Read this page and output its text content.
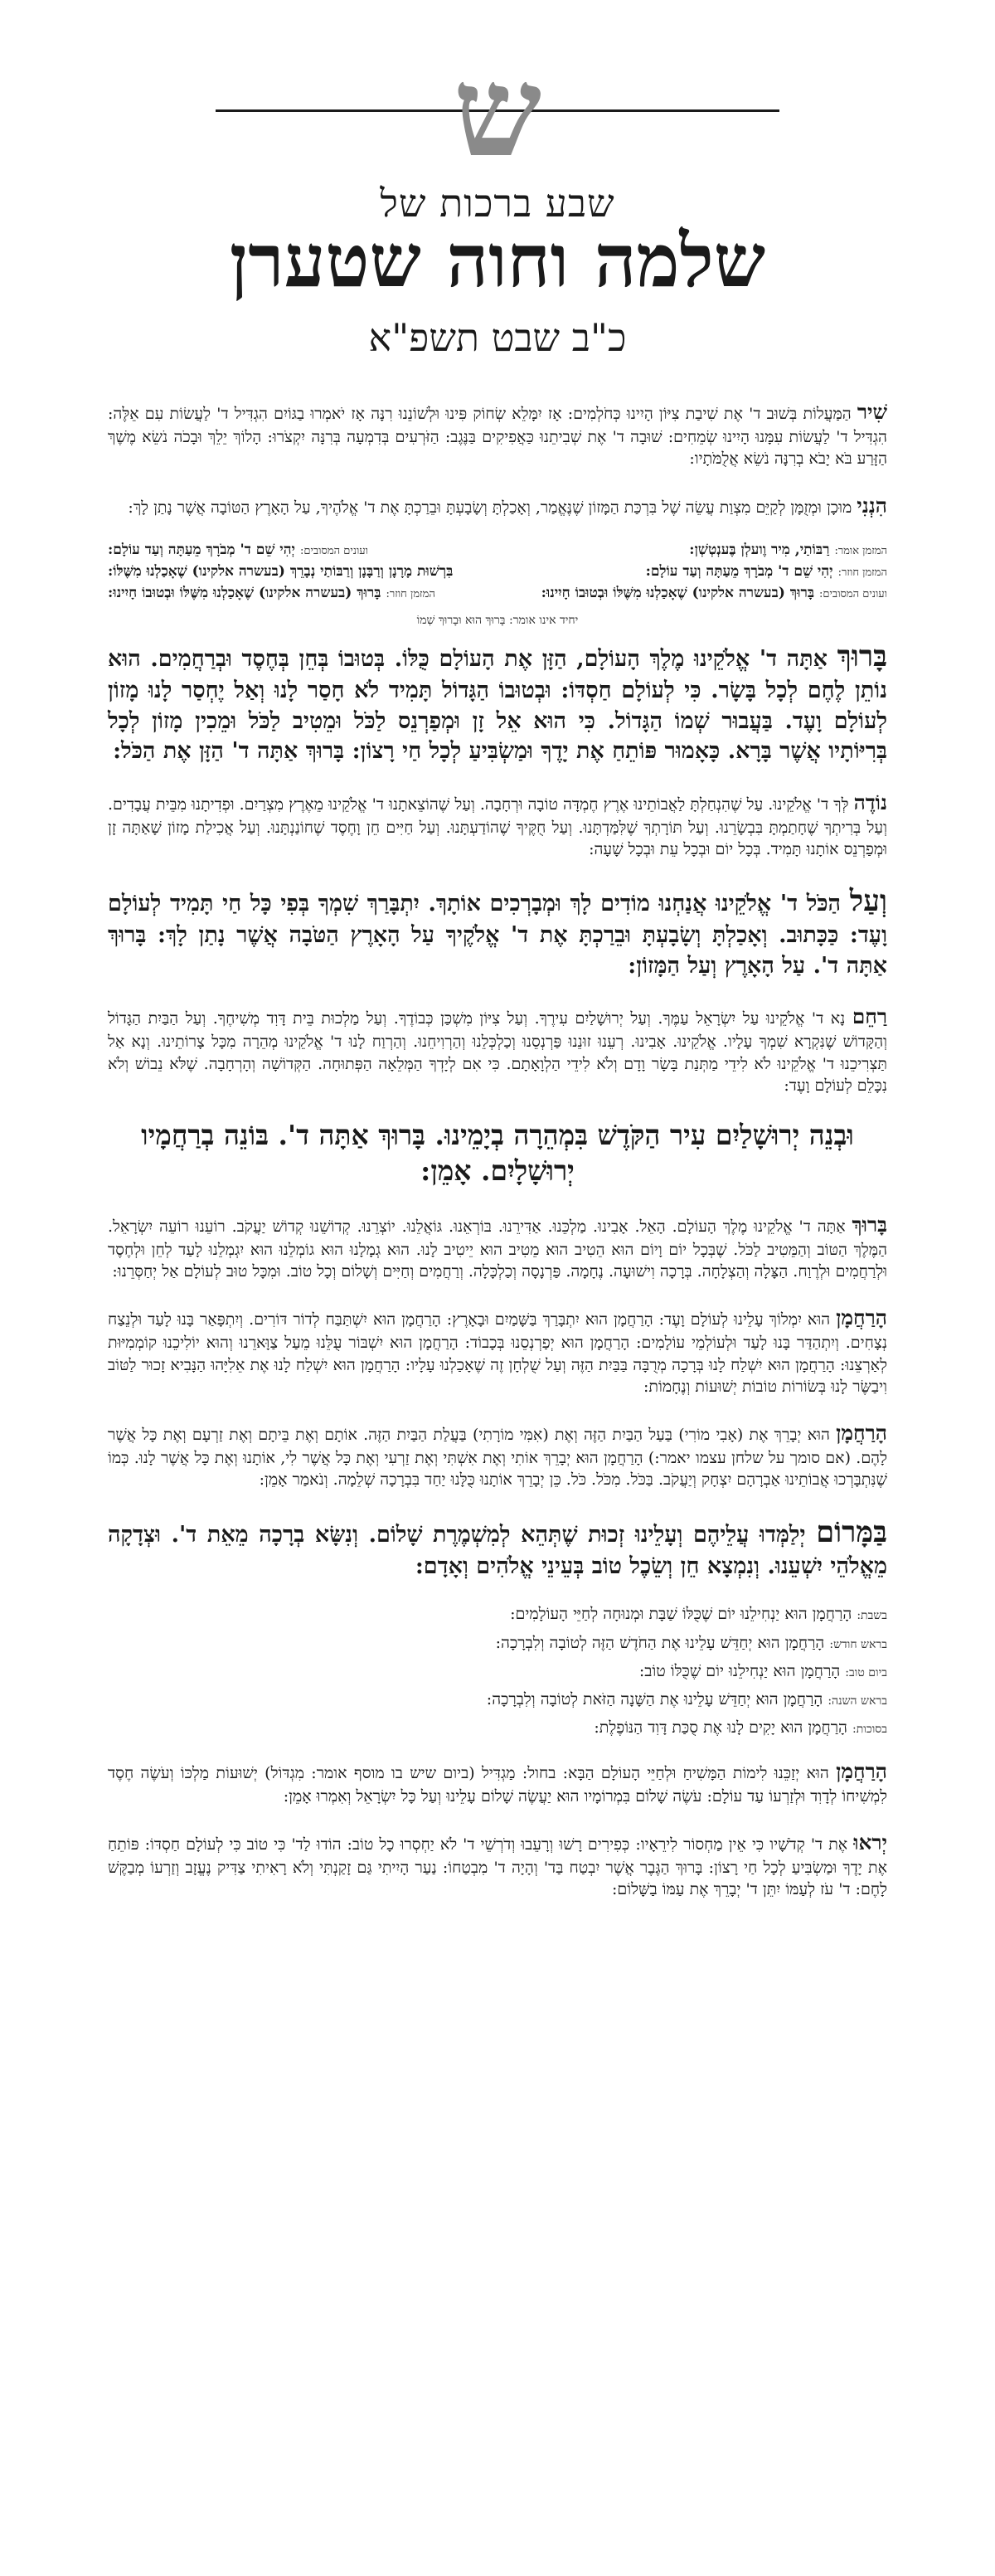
ש
שבע ברכות של
שלמה וחוה שטערן
כ"ב שבט תשפ"א

שִׁיר הַמַּעֲלוֹת בְּשׁוּב ד' אֶת שִׁיבַת צִיּוֹן הָיִינוּ כְּחֹלְמִים: אָז יִמָּלֵא שְׂחוֹק פִּינוּ וּלְשׁוֹנֵנוּ רִנָּה אָז יֹאמְרוּ בַגּוֹיִם הִגְדִּיל ד' לַעֲשׂוֹת עִם אֵלֶּה: הִגְדִּיל ד' לַעֲשׂוֹת עִמָּנוּ הָיִינוּ שְׂמֵחִים: שׁוּבָה ד' אֶת שְׁבִיתֵנוּ כַּאֲפִיקִים בַּנֶּגֶב: הַזֹּרְעִים בְּדִמְעָה בְּרִנָּה יִקְצֹרוּ: הָלוֹךְ יֵלֵךְ וּבָכֹה נֹשֵׂא מֶשֶׁךְ הַזָּרַע בֹּא יָבֹא בְרִנָּה נֹשֵׂא אֲלֻמֹּתָיו:

הִנְנִי מוּכָן וּמְזֻמָּן לְקַיֵּם מִצְוַת עֲשֵׂה שֶׁל בִּרְכַּת הַמָּזוֹן שֶׁנֶּאֱמַר, וְאָכַלְתָּ וְשָׂבָעְתָּ וּבֵרַכְתָּ אֶת ד' אֱלֹהֶיךָ, עַל הָאָרֶץ הַטּוֹבָה אֲשֶׁר נָתַן לָךְ:

המזמן אומר:רַבּוֹתַי, מִיר וֶועלְן בֶּענְטְשְׁן:
ועונים המסובים:יְהִי שֵׁם ד' מְבֹרָךְ מֵעַתָּה וְעַד עוֹלָם:
המזמן חוזר:יְהִי שֵׁם ד' מְבֹרָךְ מֵעַתָּה וְעַד עוֹלָם:
בִּרְשׁוּת מָרָנָן וְרַבָּנָן וְרַבּוֹתַי נְבָרֵךְ (בעשרה אלקינו) שֶׁאָכַלְנוּ מִשֶּׁלּוֹ:
ועונים המסובים:בָּרוּךְ (בעשרה אלקינו) שֶׁאָכַלְנוּ מִשֶּׁלּוֹ וּבְטוּבוֹ חָיִינוּ:
המזמן חוזר:בָּרוּךְ (בעשרה אלקינו) שֶׁאָכַלְנוּ מִשֶּׁלּוֹ וּבְטוּבוֹ חָיִינוּ:

יחיד אינו אומר: בָּרוּךְ הוּא וּבָרוּךְ שְׁמוֹ

בָּרוּךְ אַתָּה ד' אֱלֹקֵינוּ מֶלֶךְ הָעוֹלָם, הַזָּן אֶת הָעוֹלָם כֻּלּוֹ. בְּטוּבוֹ בְּחֵן בְּחֶסֶד וּבְרַחֲמִים. הוּא נוֹתֵן לֶחֶם לְכָל בָּשָׂר. כִּי לְעוֹלָם חַסְדּוֹ: וּבְטוּבוֹ הַגָּדוֹל תָּמִיד לֹא חָסַר לָנוּ וְאַל יֶחְסַר לָנוּ מָזוֹן לְעוֹלָם וָעֶד. בַּעֲבוּר שְׁמוֹ הַגָּדוֹל. כִּי הוּא אֵל זָן וּמְפַרְנֵס לַכֹּל וּמֵטִיב לַכֹּל וּמֵכִין מָזוֹן לְכָל בְּרִיּוֹתָיו אֲשֶׁר בָּרָא. כָּאָמוּר פּוֹתֵחַ אֶת יָדֶךָ וּמַשְׂבִּיעַ לְכָל חַי רָצוֹן: בָּרוּךְ אַתָּה ד' הַזָּן אֶת הַכֹּל:

נוֹדֶה לְּךָ ד' אֱלֹקֵינוּ. עַל שֶׁהִנְחַלְתָּ לַאֲבוֹתֵינוּ אֶרֶץ חֶמְדָּה טוֹבָה וּרְחָבָה. וְעַל שֶׁהוֹצֵאתָנוּ ד' אֱלֹקֵינוּ מֵאֶרֶץ מִצְרַיִם. וּפְדִיתָנוּ מִבֵּית עֲבָדִים. וְעַל בְּרִיתְךָ שֶׁחָתַמְתָּ בִּבְשָׂרֵנוּ. וְעַל תּוֹרָתְךָ שֶׁלִּמַּדְתָּנוּ. וְעַל חֻקֶּיךָ שֶׁהוֹדַעְתָּנוּ. וְעַל חַיִּים חֵן וָחֶסֶד שֶׁחוֹנַנְתָּנוּ. וְעַל אֲכִילַת מָזוֹן שָׁאַתָּה זָן וּמְפַרְנֵס אוֹתָנוּ תָּמִיד. בְּכָל יוֹם וּבְכָל עֵת וּבְכָל שָׁעָה:

וְעַל הַכֹּל ד' אֱלֹקֵינוּ אֲנַחְנוּ מוֹדִים לָךְ וּמְבָרְכִים אוֹתָךְ. יִתְבָּרַךְ שִׁמְךָ בְּפִי כָּל חַי תָּמִיד לְעוֹלָם וָעֶד: כַּכָּתוּב. וְאָכַלְתָּ וְשָׂבָעְתָּ וּבֵרַכְתָּ אֶת ד' אֱלֹקֶיךָ עַל הָאָרֶץ הַטֹּבָה אֲשֶׁר נָתַן לָךְ: בָּרוּךְ אַתָּה ד'. עַל הָאָרֶץ וְעַל הַמָּזוֹן:

רַחֵם נָא ד' אֱלֹקֵינוּ עַל יִשְׂרָאֵל עַמֶּךָ. וְעַל יְרוּשָׁלַיִם עִירֶךָ. וְעַל צִיּוֹן מִשְׁכַּן כְּבוֹדֶךָ. וְעַל מַלְכוּת בֵּית דָּוִד מְשִׁיחֶךָ. וְעַל הַבַּיִת הַגָּדוֹל וְהַקָּדוֹשׁ שֶׁנִּקְרָא שִׁמְךָ עָלָיו. אֱלֹקֵינוּ. אָבִינוּ. רְעֵנוּ זוּנֵנוּ פַּרְנְסֵנוּ וְכַלְכְּלֵנוּ וְהַרְוִיחֵנוּ. וְהַרְוַח לָנוּ ד' אֱלֹקֵינוּ מְהֵרָה מִכָּל צָרוֹתֵינוּ. וְנָא אַל תַּצְרִיכֵנוּ ד' אֱלֹקֵינוּ לֹא לִידֵי מַתְּנַת בָּשָׂר וָדָם וְלֹא לִידֵי הַלְוָאָתָם. כִּי אִם לְיָדְךָ הַמְּלֵאָה הַפְּתוּחָה. הַקְּדוֹשָׁה וְהָרְחָבָה. שֶׁלֹּא נֵבוֹשׁ וְלֹא נִכָּלֵם לְעוֹלָם וָעֶד:

וּבְנֵה יְרוּשָׁלַיִם עִיר הַקֹּדֶשׁ בִּמְהֵרָה בְיָמֵינוּ. בָּרוּךְ אַתָּה ד'. בּוֹנֵה בְרַחֲמָיו יְרוּשָׁלָיִם. אָמֵן:

בָּרוּךְ אַתָּה ד' אֱלֹקֵינוּ מֶלֶךְ הָעוֹלָם. הָאֵל. אָבִינוּ. מַלְכֵּנוּ. אַדִּירֵנוּ. בּוֹרְאֵנוּ. גּוֹאֲלֵנוּ. יוֹצְרֵנוּ. קְדוֹשֵׁנוּ קְדוֹשׁ יַעֲקֹב. רוֹעֵנוּ רוֹעֵה יִשְׂרָאֵל. הַמֶּלֶךְ הַטּוֹב וְהַמֵּטִיב לַכֹּל. שֶׁבְּכָל יוֹם וָיוֹם הוּא הֵטִיב הוּא מֵטִיב הוּא יֵיטִיב לָנוּ. הוּא גְמָלָנוּ הוּא גוֹמְלֵנוּ הוּא יִגְמְלֵנוּ לָעַד לְחֵן וּלְחֶסֶד וּלְרַחֲמִים וּלְרֶוַח. הַצָּלָה וְהַצְלָחָה. בְּרָכָה וִישׁוּעָה. נֶחָמָה. פַּרְנָסָה וְכַלְכָּלָה. וְרַחֲמִים וְחַיִּים וְשָׁלוֹם וְכָל טוֹב. וּמִכָּל טוּב לְעוֹלָם אַל יְחַסְּרֵנוּ:

הָרַחֲמָן הוּא יִמְלוֹךְ עָלֵינוּ לְעוֹלָם וָעֶד: הָרַחֲמָן הוּא יִתְבָּרַךְ בַּשָּׁמַיִם וּבָאָרֶץ: הָרַחֲמָן הוּא יִשְׁתַּבַּח לְדוֹר דּוֹרִים. וְיִתְפָּאַר בָּנוּ לָעַד וּלְנֵצַח נְצָחִים. וְיִתְהַדַּר בָּנוּ לָעַד וּלְעוֹלְמֵי עוֹלָמִים: הָרַחֲמָן הוּא יְפַרְנְסֵנוּ בְּכָבוֹד: הָרַחֲמָן הוּא יִשְׁבּוֹר עֻלֵּנוּ מֵעַל צַוָּארֵנוּ וְהוּא יוֹלִיכֵנוּ קוֹמְמִיּוּת לְאַרְצֵנוּ: הָרַחֲמָן הוּא יִשְׁלַח לָנוּ בְּרָכָה מְרֻבָּה בַּבַּיִת הַזֶּה וְעַל שֻׁלְחָן זֶה שֶׁאָכַלְנוּ עָלָיו: הָרַחֲמָן הוּא יִשְׁלַח לָנוּ אֶת אֵלִיָּהוּ הַנָּבִיא זָכוּר לַטּוֹב וִיבַשֶּׂר לָנוּ בְּשׂוֹרוֹת טוֹבוֹת יְשׁוּעוֹת וְנֶחָמוֹת:

הָרַחֲמָן הוּא יְבָרֵךְ אֶת (אָבִי מוֹרִי) בַּעַל הַבַּיִת הַזֶּה וְאֶת (אִמִּי מוֹרָתִי) בַּעֲלַת הַבַּיִת הַזֶּה. אוֹתָם וְאֶת בֵּיתָם וְאֶת זַרְעָם וְאֶת כָּל אֲשֶׁר לָהֶם. (אם סומך על שלחן עצמו יאמר:) הָרַחֲמָן הוּא יְבָרֵךְ אוֹתִי וְאֶת אִשְׁתִּי וְאֶת זַרְעִי וְאֶת כָּל אֲשֶׁר לִי, אוֹתָנוּ וְאֶת כָּל אֲשֶׁר לָנוּ. כְּמוֹ שֶׁנִּתְבָּרְכוּ אֲבוֹתֵינוּ אַבְרָהָם יִצְחָק וְיַעֲקֹב. בַּכֹּל. מִכֹּל. כֹּל. כֵּן יְבָרֵךְ אוֹתָנוּ כֻּלָּנוּ יַחַד בִּבְרָכָה שְׁלֵמָה. וְנֹאמַר אָמֵן:

בַּמָּרוֹם יְלַמְּדוּ עֲלֵיהֶם וְעָלֵינוּ זְכוּת שֶׁתְּהֵא לְמִשְׁמֶרֶת שָׁלוֹם. וְנִשָּׂא בְרָכָה מֵאֵת ד'. וּצְדָקָה מֵאֱלֹהֵי יִשְׁעֵנוּ. וְנִמְצָא חֵן וְשֵׂכֶל טוֹב בְּעֵינֵי אֱלֹהִים וְאָדָם:

בשבת: הָרַחֲמָן הוּא יַנְחִילֵנוּ יוֹם שֶׁכֻּלּוֹ שַׁבָּת וּמְנוּחָה לְחַיֵּי הָעוֹלָמִים:

בראש חודש: הָרַחֲמָן הוּא יְחַדֵּשׁ עָלֵינוּ אֶת הַחֹדֶשׁ הַזֶּה לְטוֹבָה וְלִבְרָכָה:

ביום טוב: הָרַחֲמָן הוּא יַנְחִילֵנוּ יוֹם שֶׁכֻּלּוֹ טוֹב:

בראש השנה: הָרַחֲמָן הוּא יְחַדֵּשׁ עָלֵינוּ אֶת הַשָּׁנָה הַזֹּאת לְטוֹבָה וְלִבְרָכָה:

בסוכות: הָרַחֲמָן הוּא יָקִים לָנוּ אֶת סֻכַּת דָּוִד הַנּוֹפֶלֶת:

הָרַחֲמָן הוּא יְזַכֵּנוּ לִימוֹת הַמָּשִׁיחַ וּלְחַיֵּי הָעוֹלָם הַבָּא: בחול: מַגְדִּיל (ביום שיש בו מוסף אומר: מִגְדּוֹל) יְשׁוּעוֹת מַלְכּוֹ וְעֹשֶׂה חֶסֶד לִמְשִׁיחוֹ לְדָוִד וּלְזַרְעוֹ עַד עוֹלָם: עֹשֶׂה שָׁלוֹם בִּמְרוֹמָיו הוּא יַעֲשֶׂה שָׁלוֹם עָלֵינוּ וְעַל כָּל יִשְׂרָאֵל וְאִמְרוּ אָמֵן:

יְראוּ אֶת ד' קְדֹשָׁיו כִּי אֵין מַחְסוֹר לִירֵאָיו: כְּפִירִים רָשׁוּ וְרָעֵבוּ וְדֹרְשֵׁי ד' לֹא יַחְסְרוּ כָל טוֹב: הוֹדוּ לַד' כִּי טוֹב כִּי לְעוֹלָם חַסְדּוֹ: פּוֹתֵחַ אֶת יָדֶךָ וּמַשְׂבִּיעַ לְכָל חַי רָצוֹן: בָּרוּךְ הַגֶּבֶר אֲשֶׁר יִבְטַח בַּד' וְהָיָה ד' מִבְטַחוֹ: נַעַר הָיִיתִי גַּם זָקַנְתִּי וְלֹא רָאִיתִי צַדִּיק נֶעֱזָב וְזַרְעוֹ מְבַקֶּשׁ לָחֶם: ד' עֹז לְעַמּוֹ יִתֵּן ד' יְבָרֵךְ אֶת עַמּוֹ בַשָּׁלוֹם:
